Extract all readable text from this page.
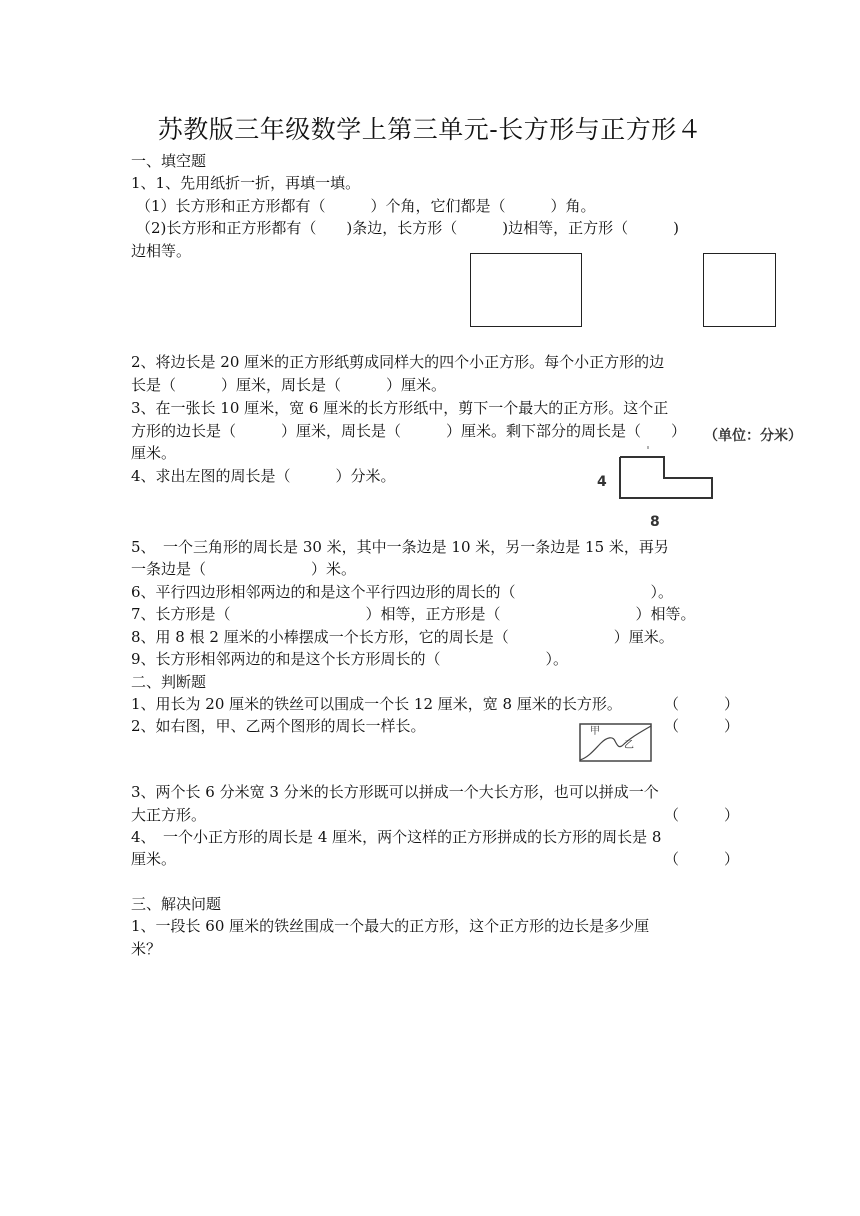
苏教版三年级数学上第三单元-长方形与正方形４
一、填空题
1、1、先用纸折一折，再填一填。
（1）长方形和正方形都有（　　　）个角，它们都是（　　　）角。
（2)长方形和正方形都有（　　)条边，长方形（　　　)边相等，正方形（　　　)
边相等。
2、将边长是 20 厘米的正方形纸剪成同样大的四个小正方形。每个小正方形的边
长是（　　　）厘米，周长是（　　　）厘米。
3、在一张长 10 厘米，宽 6 厘米的长方形纸中，剪下一个最大的正方形。这个正
方形的边长是（　　　）厘米，周长是（　　　）厘米。剩下部分的周长是（　　）
厘米。
4、求出左图的周长是（　　　）分米。
（单位：分米）
4
8
5、　一个三角形的周长是 30 米，其中一条边是 10 米，另一条边是 15 米，再另
一条边是（　　　　　　　）米。
6、平行四边形相邻两边的和是这个平行四边形的周长的（　　　　　　　　　）。
7、长方形是（　　　　　　　　　）相等，正方形是（　　　　　　　　　）相等。
8、用 8 根 2 厘米的小棒摆成一个长方形，它的周长是（　　　　　　　）厘米。
9、长方形相邻两边的和是这个长方形周长的（　　　　　　　）。
二、判断题
1、用长为 20 厘米的铁丝可以围成一个长 12 厘米，宽 8 厘米的长方形。	（　　　）
2、如右图，甲、乙两个图形的周长一样长。	（　　　）
甲
乙
3、两个长 6 分米宽 3 分米的长方形既可以拼成一个大长方形，也可以拼成一个
大正方形。	（　　　）
4、　一个小正方形的周长是 4 厘米，两个这样的正方形拼成的长方形的周长是 8
厘米。	（　　　）
三、解决问题
1、一段长 60 厘米的铁丝围成一个最大的正方形，这个正方形的边长是多少厘
米？
